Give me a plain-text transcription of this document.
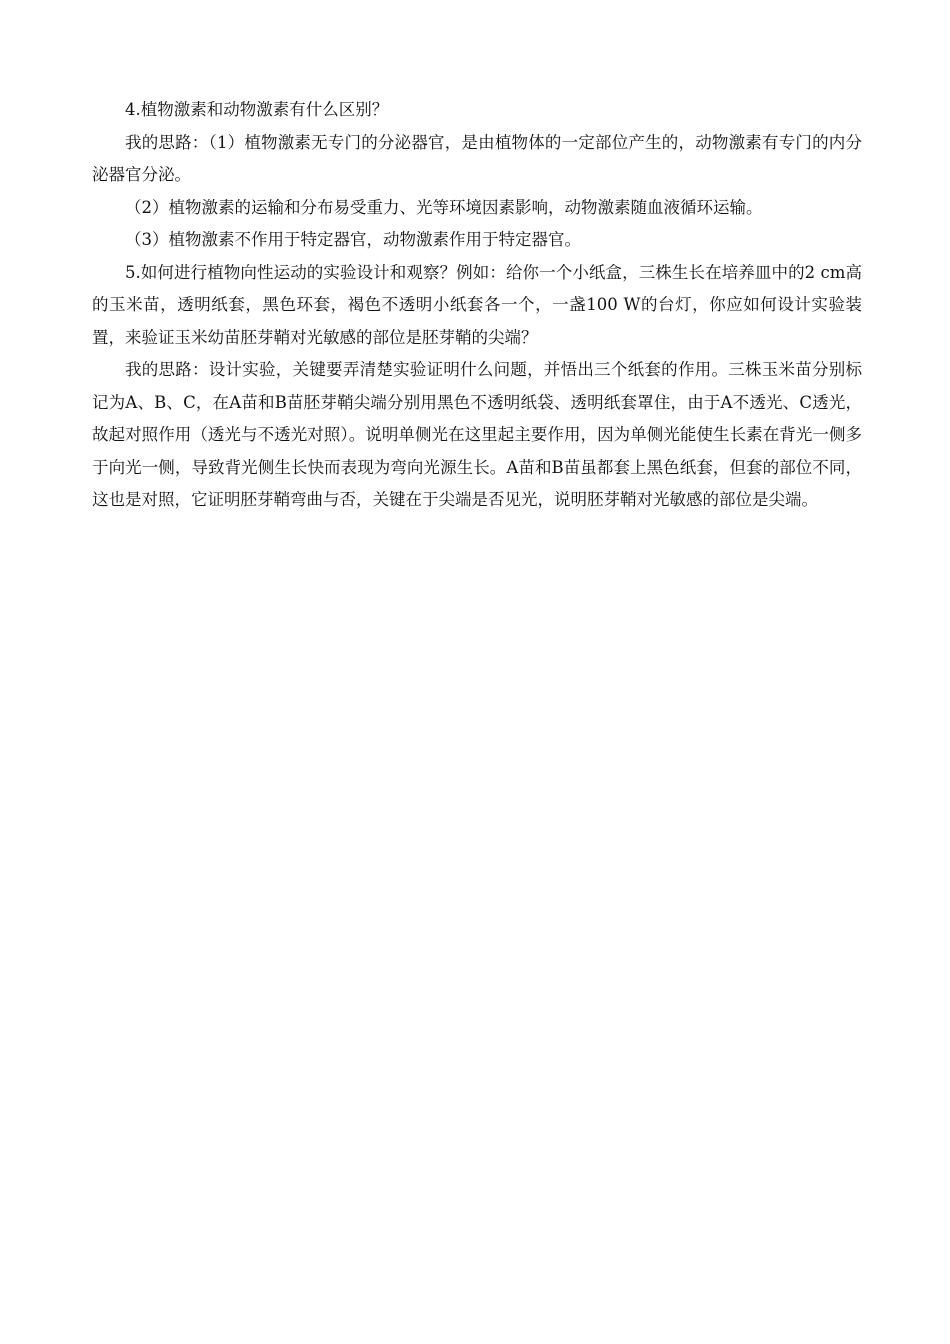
4.植物激素和动物激素有什么区别？

我的思路：（1）植物激素无专门的分泌器官，是由植物体的一定部位产生的，动物激素有专门的内分泌器官分泌。

（2）植物激素的运输和分布易受重力、光等环境因素影响，动物激素随血液循环运输。

（3）植物激素不作用于特定器官，动物激素作用于特定器官。

5.如何进行植物向性运动的实验设计和观察？例如：给你一个小纸盒，三株生长在培养皿中的2 cm高的玉米苗，透明纸套，黑色环套，褐色不透明小纸套各一个，一盏100 W的台灯，你应如何设计实验装置，来验证玉米幼苗胚芽鞘对光敏感的部位是胚芽鞘的尖端？

我的思路：设计实验，关键要弄清楚实验证明什么问题，并悟出三个纸套的作用。三株玉米苗分别标记为A、B、C，在A苗和B苗胚芽鞘尖端分别用黑色不透明纸袋、透明纸套罩住，由于A不透光、C透光，故起对照作用（透光与不透光对照）。说明单侧光在这里起主要作用，因为单侧光能使生长素在背光一侧多于向光一侧，导致背光侧生长快而表现为弯向光源生长。A苗和B苗虽都套上黑色纸套，但套的部位不同，这也是对照，它证明胚芽鞘弯曲与否，关键在于尖端是否见光，说明胚芽鞘对光敏感的部位是尖端。
